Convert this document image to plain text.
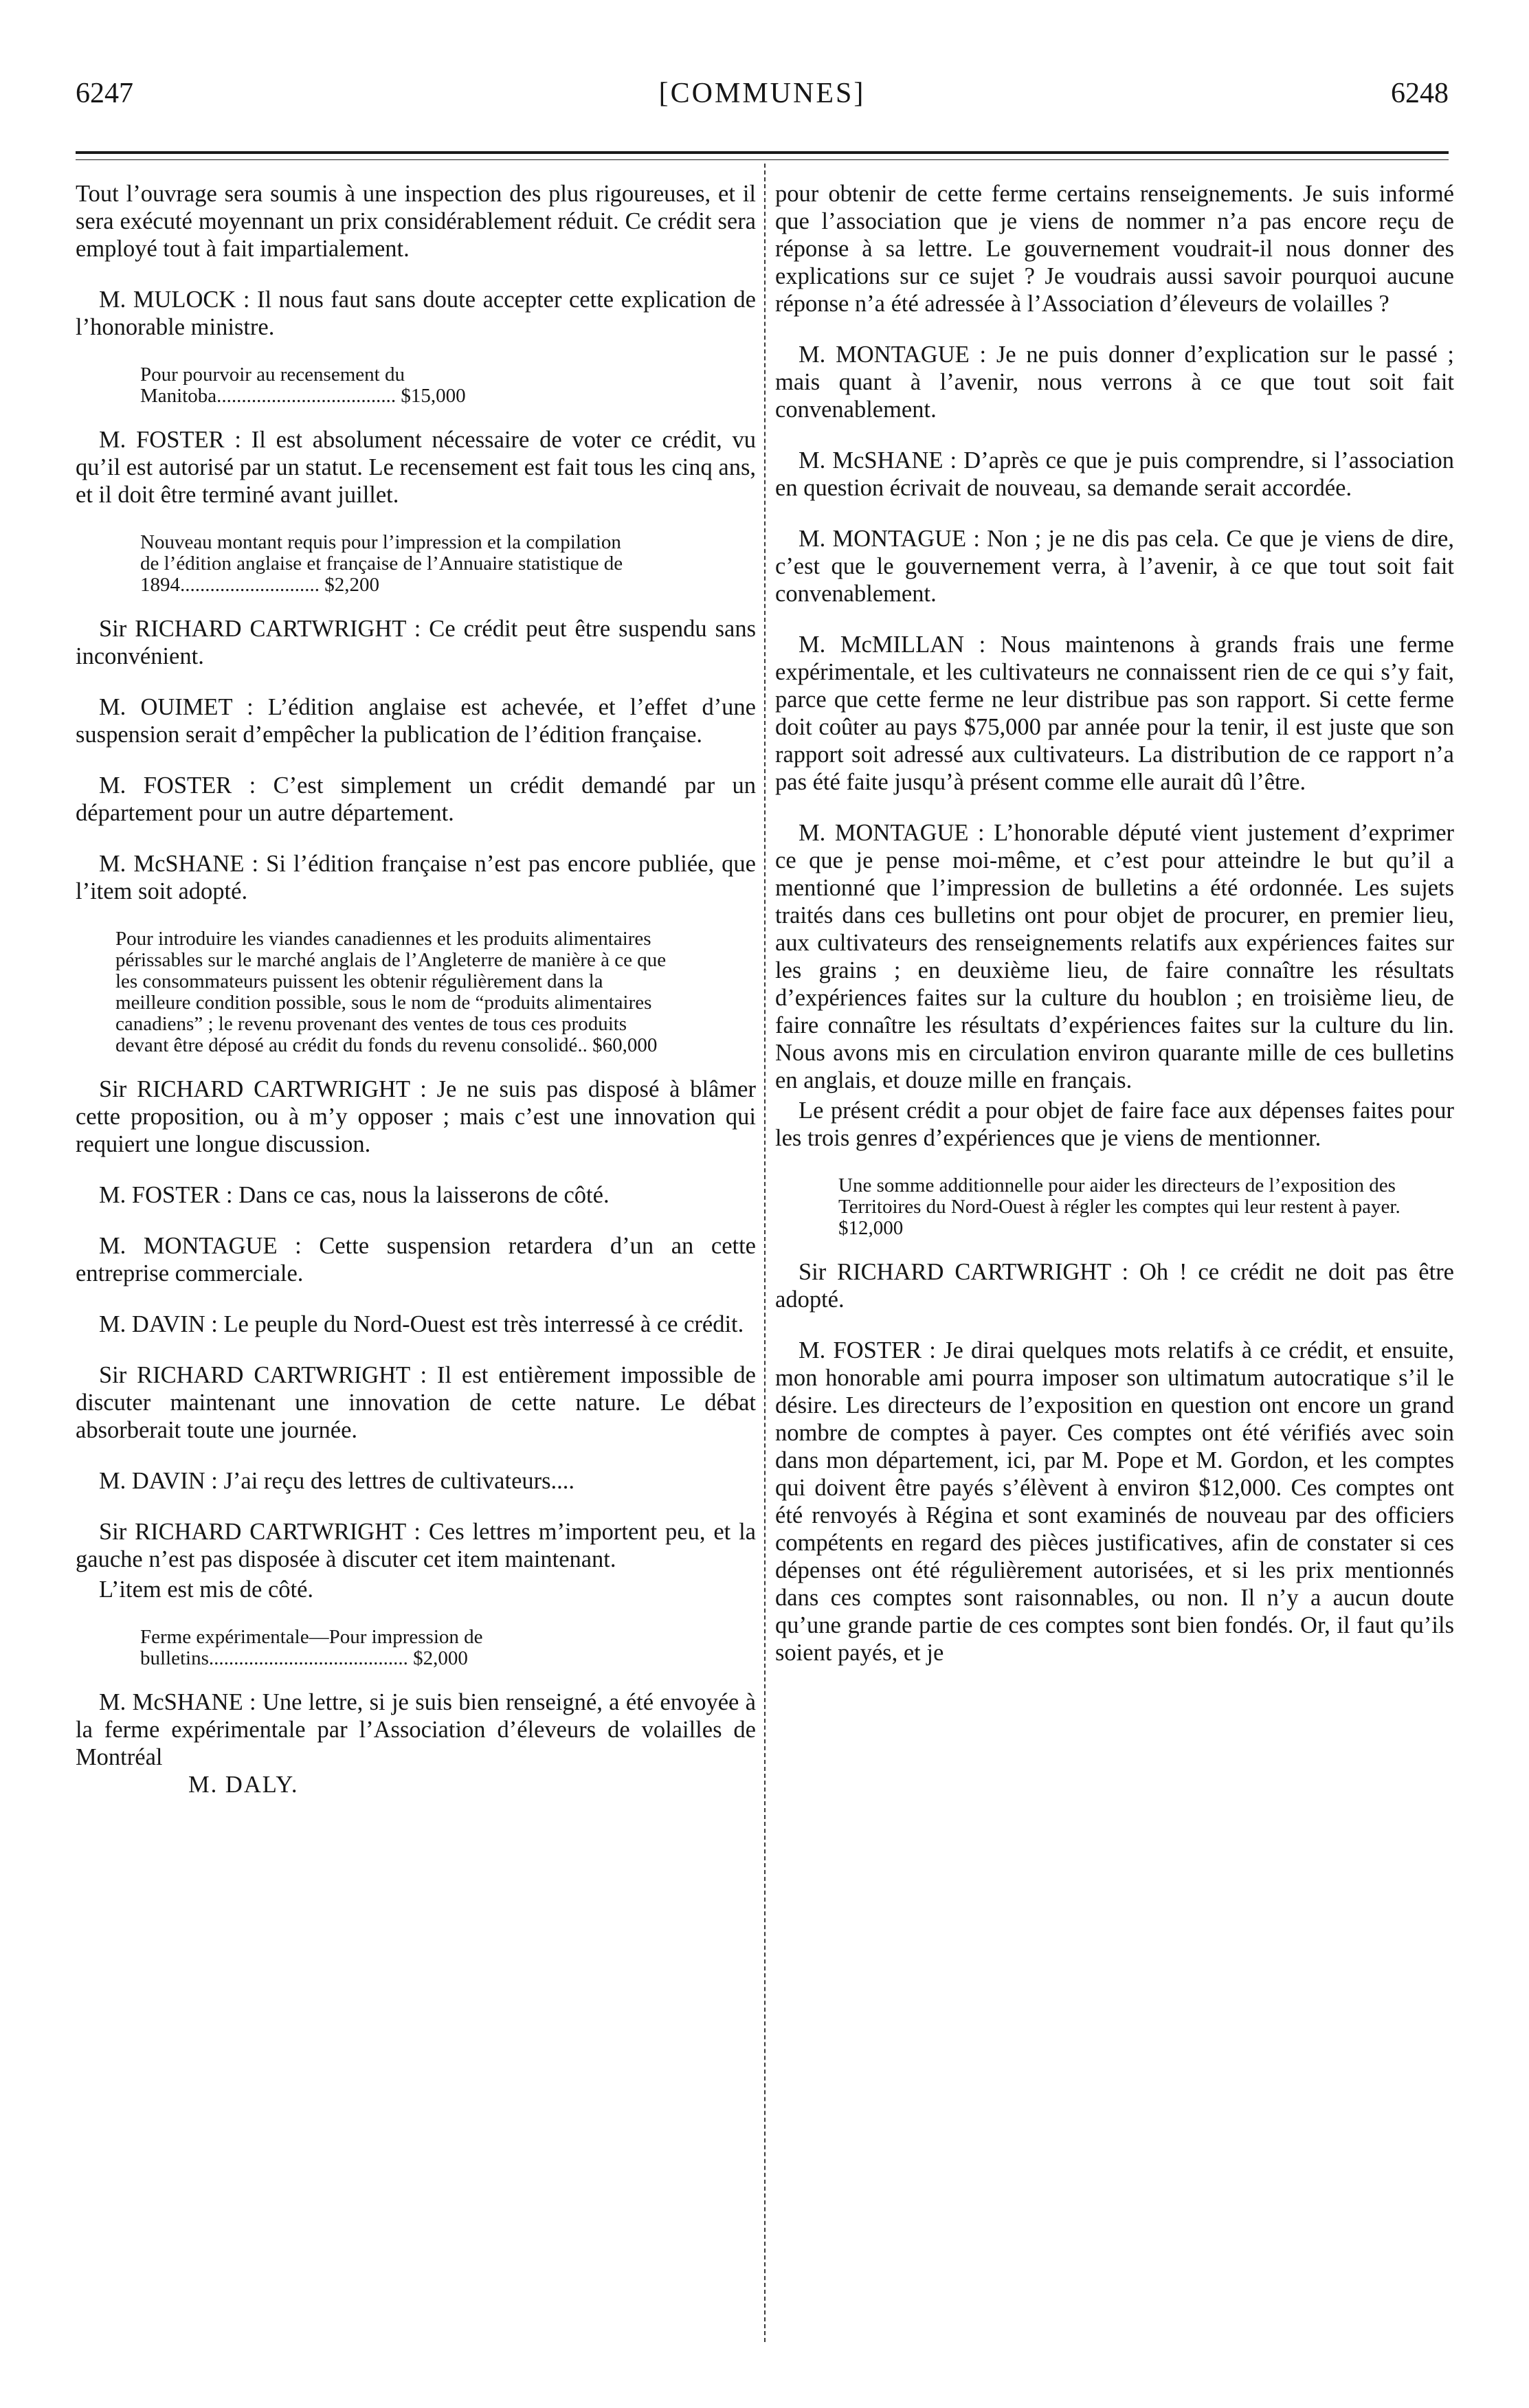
6247	[COMMUNES]	6248

Tout l’ouvrage sera soumis à une inspection des plus rigoureuses, et il sera exécuté moyennant un prix considérablement réduit. Ce crédit sera employé tout à fait impartialement.

M. MULOCK : Il nous faut sans doute accepter cette explication de l’honorable ministre.

Pour pourvoir au recensement du Manitoba.................................... $15,000

M. FOSTER : Il est absolument nécessaire de voter ce crédit, vu qu’il est autorisé par un statut. Le recensement est fait tous les cinq ans, et il doit être terminé avant juillet.

Nouveau montant requis pour l’impression et la compilation de l’édition anglaise et française de l’Annuaire statistique de 1894............................ $2,200

Sir RICHARD CARTWRIGHT : Ce crédit peut être suspendu sans inconvénient.

M. OUIMET : L’édition anglaise est achevée, et l’effet d’une suspension serait d’empêcher la publication de l’édition française.

M. FOSTER : C’est simplement un crédit demandé par un département pour un autre département.

M. McSHANE : Si l’édition française n’est pas encore publiée, que l’item soit adopté.

Pour introduire les viandes canadiennes et les produits alimentaires périssables sur le marché anglais de l’Angleterre de manière à ce que les consommateurs puissent les obtenir régulièrement dans la meilleure condition possible, sous le nom de “produits alimentaires canadiens” ; le revenu provenant des ventes de tous ces produits devant être déposé au crédit du fonds du revenu consolidé.. $60,000

Sir RICHARD CARTWRIGHT : Je ne suis pas disposé à blâmer cette proposition, ou à m’y opposer ; mais c’est une innovation qui requiert une longue discussion.

M. FOSTER : Dans ce cas, nous la laisserons de côté.

M. MONTAGUE : Cette suspension retardera d’un an cette entreprise commerciale.

M. DAVIN : Le peuple du Nord-Ouest est très interressé à ce crédit.

Sir RICHARD CARTWRIGHT : Il est entièrement impossible de discuter maintenant une innovation de cette nature. Le débat absorberait toute une journée.

M. DAVIN : J’ai reçu des lettres de cultivateurs....

Sir RICHARD CARTWRIGHT : Ces lettres m’importent peu, et la gauche n’est pas disposée à discuter cet item maintenant.

L’item est mis de côté.

Ferme expérimentale—Pour impression de bulletins........................................ $2,000

M. McSHANE : Une lettre, si je suis bien renseigné, a été envoyée à la ferme expérimentale par l’Association d’éleveurs de volailles de Montréal
M. DALY.

pour obtenir de cette ferme certains renseignements. Je suis informé que l’association que je viens de nommer n’a pas encore reçu de réponse à sa lettre. Le gouvernement voudrait-il nous donner des explications sur ce sujet ? Je voudrais aussi savoir pourquoi aucune réponse n’a été adressée à l’Association d’éleveurs de volailles ?

M. MONTAGUE : Je ne puis donner d’explication sur le passé ; mais quant à l’avenir, nous verrons à ce que tout soit fait convenablement.

M. McSHANE : D’après ce que je puis comprendre, si l’association en question écrivait de nouveau, sa demande serait accordée.

M. MONTAGUE : Non ; je ne dis pas cela. Ce que je viens de dire, c’est que le gouvernement verra, à l’avenir, à ce que tout soit fait convenablement.

M. McMILLAN : Nous maintenons à grands frais une ferme expérimentale, et les cultivateurs ne connaissent rien de ce qui s’y fait, parce que cette ferme ne leur distribue pas son rapport. Si cette ferme doit coûter au pays $75,000 par année pour la tenir, il est juste que son rapport soit adressé aux cultivateurs. La distribution de ce rapport n’a pas été faite jusqu’à présent comme elle aurait dû l’être.

M. MONTAGUE : L’honorable député vient justement d’exprimer ce que je pense moi-même, et c’est pour atteindre le but qu’il a mentionné que l’impression de bulletins a été ordonnée. Les sujets traités dans ces bulletins ont pour objet de procurer, en premier lieu, aux cultivateurs des renseignements relatifs aux expériences faites sur les grains ; en deuxième lieu, de faire connaître les résultats d’expériences faites sur la culture du houblon ; en troisième lieu, de faire connaître les résultats d’expériences faites sur la culture du lin. Nous avons mis en circulation environ quarante mille de ces bulletins en anglais, et douze mille en français.

Le présent crédit a pour objet de faire face aux dépenses faites pour les trois genres d’expériences que je viens de mentionner.

Une somme additionnelle pour aider les directeurs de l’exposition des Territoires du Nord-Ouest à régler les comptes qui leur restent à payer. $12,000

Sir RICHARD CARTWRIGHT : Oh ! ce crédit ne doit pas être adopté.

M. FOSTER : Je dirai quelques mots relatifs à ce crédit, et ensuite, mon honorable ami pourra imposer son ultimatum autocratique s’il le désire. Les directeurs de l’exposition en question ont encore un grand nombre de comptes à payer. Ces comptes ont été vérifiés avec soin dans mon département, ici, par M. Pope et M. Gordon, et les comptes qui doivent être payés s’élèvent à environ $12,000. Ces comptes ont été renvoyés à Régina et sont examinés de nouveau par des officiers compétents en regard des pièces justificatives, afin de constater si ces dépenses ont été régulièrement autorisées, et si les prix mentionnés dans ces comptes sont raisonnables, ou non. Il n’y a aucun doute qu’une grande partie de ces comptes sont bien fondés. Or, il faut qu’ils soient payés, et je
